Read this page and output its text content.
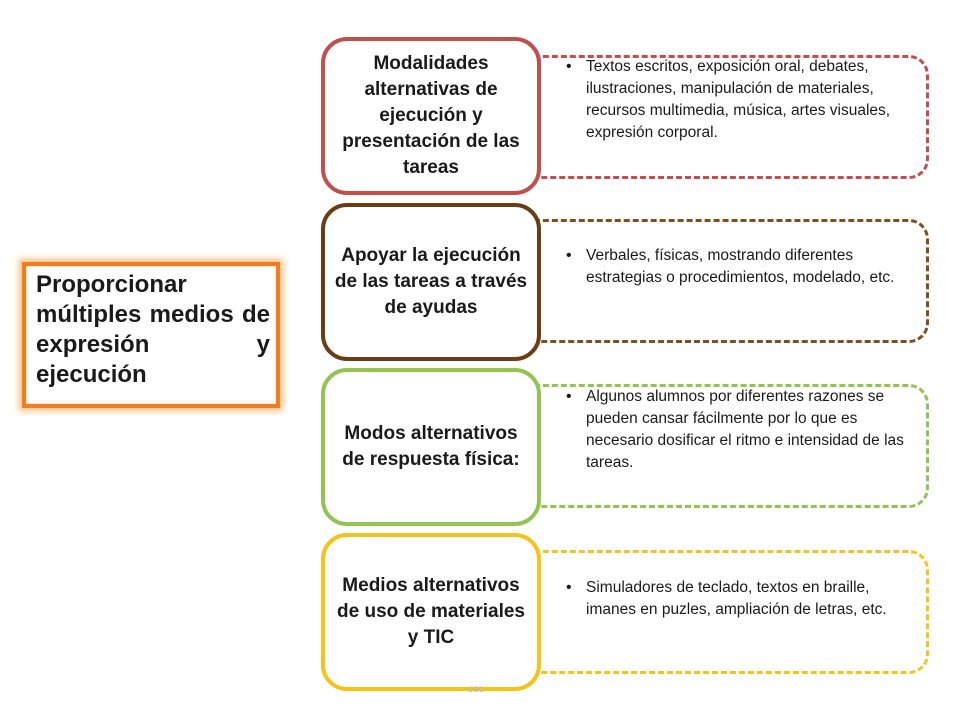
Proporcionar múltiples medios de expresión y ejecución
• Textos escritos, exposición oral, debates, ilustraciones, manipulación de materiales, recursos multimedia, música, artes visuales, expresión corporal.
Modalidades alternativas de ejecución y presentación de las tareas
• Verbales, físicas, mostrando diferentes estrategias o procedimientos, modelado, etc.
Apoyar la ejecución de las tareas a través de ayudas
• Algunos alumnos por diferentes razones se pueden cansar fácilmente por lo que es necesario dosificar el ritmo e intensidad de las tareas.
Modos alternativos de respuesta física:
• Simuladores de teclado, textos en braille, imanes en puzles, ampliación de letras, etc.
Medios alternativos de uso de materiales y TIC
coc
